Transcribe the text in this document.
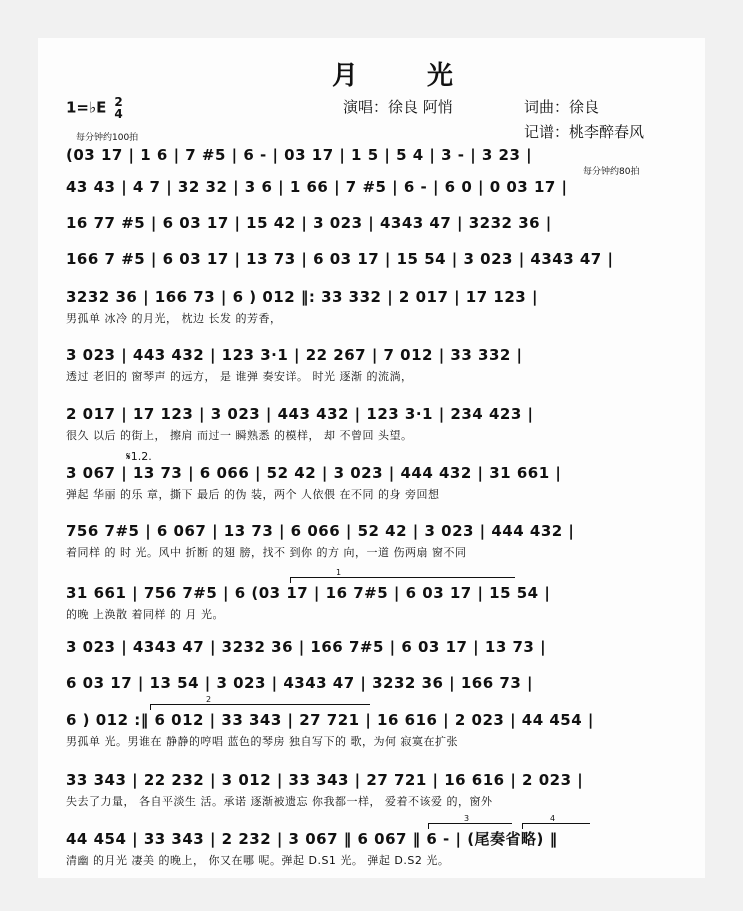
月 光
1=♭E 2
4	演唱：徐良 阿悄	词曲：徐良
记谱：桃李醉春风
每分钟约100拍
每分钟约80拍
𝄋1.2.
(03 17 | 1 6 | 7 #5 | 6 - | 03 17 | 1 5 | 5 4 | 3 - | 3 23 |
43 43 | 4 7 | 32 32 | 3 6 | 1 66 | 7 #5 | 6 - | 6 0 | 0 03 17 |
16 77 #5 | 6 03 17 | 15 42 | 3 023 | 4343 47 | 3232 36 |
166 7 #5 | 6 03 17 | 13 73 | 6 03 17 | 15 54 | 3 023 | 4343 47 |
3232 36 | 166 73 | 6 ) 012 ‖: 33 332 | 2 017 | 17 123 |
男孤单 冰冷 的月光， 枕边 长发 的芳香，
3 023 | 443 432 | 123 3·1 | 22 267 | 7 012 | 33 332 |
透过 老旧的 窗琴声 的远方， 是 谁弹 奏安详。 时光 逐渐 的流淌，
2 017 | 17 123 | 3 023 | 443 432 | 123 3·1 | 234 423 |
很久 以后 的街上， 擦肩 而过一 瞬熟悉 的模样， 却 不曾回 头望。
3 067 | 13 73 | 6 066 | 52 42 | 3 023 | 444 432 | 31 661 |
弹起 华丽 的乐 章，撕下 最后 的伪 装，两个 人依偎 在不同 的身 旁回想
756 7#5 | 6 067 | 13 73 | 6 066 | 52 42 | 3 023 | 444 432 |
着同样 的 时 光。风中 折断 的翅 膀，找不 到你 的方 向，一道 伤两扇 窗不同
31 661 | 756 7#5 | 6 (03 17 | 16 7#5 | 6 03 17 | 15 54 |
的晚 上涣散 着同样 的 月 光。
3 023 | 4343 47 | 3232 36 | 166 7#5 | 6 03 17 | 13 73 |
6 03 17 | 13 54 | 3 023 | 4343 47 | 3232 36 | 166 73 |
6 ) 012 :‖ 6 012 | 33 343 | 27 721 | 16 616 | 2 023 | 44 454 |
男孤单 光。男谁在 静静的哼唱 蓝色的琴房 独自写下的 歌，为何 寂寞在扩张
33 343 | 22 232 | 3 012 | 33 343 | 27 721 | 16 616 | 2 023 |
失去了力量， 各自平淡生 活。承诺 逐渐被遗忘 你我都一样， 爱着不该爱 的，窗外
44 454 | 33 343 | 2 232 | 3 067 ‖ 6 067 ‖ 6 - | (尾奏省略) ‖
清幽 的月光 凄美 的晚上， 你又在哪 呢。弹起 D.S1 光。 弹起 D.S2 光。
1
2
3	4
